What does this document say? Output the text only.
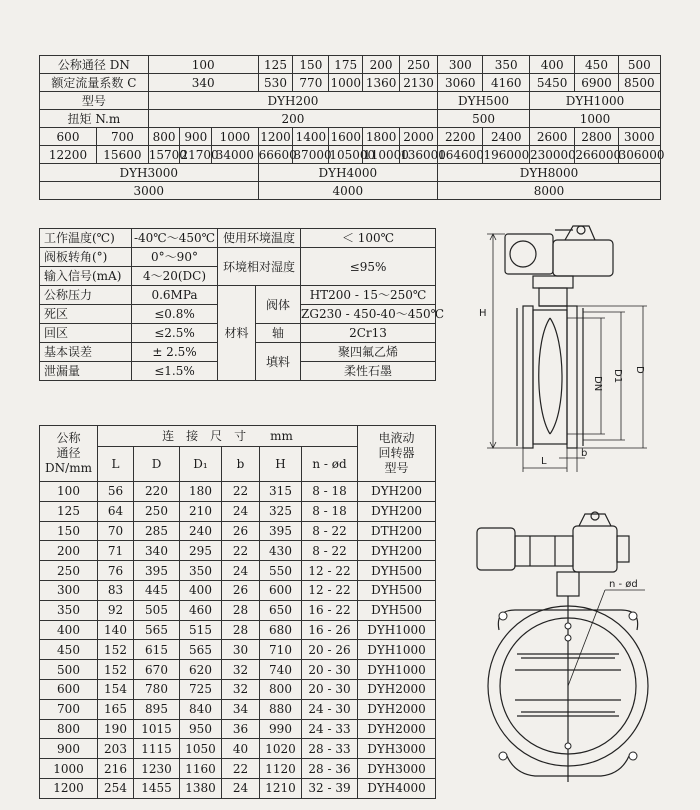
公称通径 DN		100			125	150	175	200	250	300	350	400	450	500
额定流量系数 C		340			530	770	1000	1360	2130	3060	4160	5450	6900	8500
型号		DYH200								DYH500		DYH1000		
扭矩 N.m		200								500		1000		
600	700	800	900	1000	1200	1400	1600	1800	2000	2200	2400	2600	2800	3000
12200	15600	15700	21700	34000	66600	87000	105000	110000	136000	164600	196000	230000	266000	306000
DYH3000					DYH4000					DYH8000				
3000					4000					8000				
工作温度(℃)	-40℃～450℃	使用环境温度		＜ 100℃
阀板转角(°)	0°～90°	环境相对湿度		≤95%
输入信号(mA)	4～20(DC)			
公称压力	0.6MPa	材料	阀体	HT200 - 15～250℃
死区	≤0.8%			ZG230 - 450-40～450℃
回区	≤2.5%		轴	2Cr13
基本误差	± 2.5%		填料	聚四氟乙烯
泄漏量	≤1.5%			柔性石墨
公称
通径
DN/mm	连　接　尺　寸　　mm						电液动
回转器
型号
	L	D	D₁	b	H	n - ød	
100	56	220	180	22	315	8 - 18	DYH200
125	64	250	210	24	325	8 - 18	DYH200
150	70	285	240	26	395	8 - 22	DTH200
200	71	340	295	22	430	8 - 22	DYH200
250	76	395	350	24	550	12 - 22	DYH500
300	83	445	400	26	600	12 - 22	DYH500
350	92	505	460	28	650	16 - 22	DYH500
400	140	565	515	28	680	16 - 26	DYH1000
450	152	615	565	30	710	20 - 26	DYH1000
500	152	670	620	32	740	20 - 30	DYH1000
600	154	780	725	32	800	20 - 30	DYH2000
700	165	895	840	34	880	24 - 30	DYH2000
800	190	1015	950	36	990	24 - 33	DYH2000
900	203	1115	1050	40	1020	28 - 33	DYH3000
1000	216	1230	1160	22	1120	28 - 36	DYH3000
1200	254	1455	1380	24	1210	32 - 39	DYH4000
H
DN D1 D
L
b
n - ød
